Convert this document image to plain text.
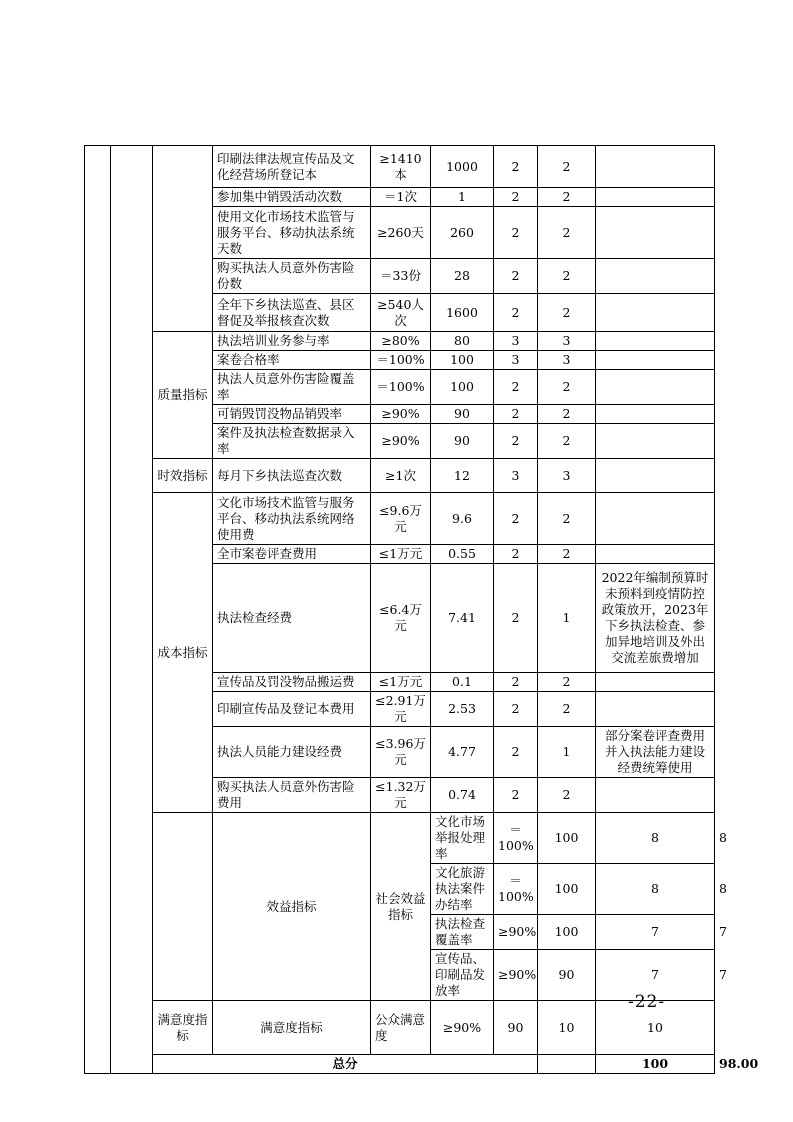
			印刷法律法规宣传品及文化经营场所登记本	≥1410本	1000	2	2		
			参加集中销毁活动次数	＝1次	1	2	2		
			使用文化市场技术监管与服务平台、移动执法系统天数	≥260天	260	2	2		
			购买执法人员意外伤害险份数	＝33份	28	2	2		
			全年下乡执法巡查、县区督促及举报核查次数	≥540人次	1600	2	2		
		质量指标	执法培训业务参与率	≥80%	80	3	3		
			案卷合格率	＝100%	100	3	3		
			执法人员意外伤害险覆盖率	＝100%	100	2	2		
			可销毁罚没物品销毁率	≥90%	90	2	2		
			案件及执法检查数据录入率	≥90%	90	2	2		
		时效指标	每月下乡执法巡查次数	≥1次	12	3	3		
		成本指标	文化市场技术监管与服务平台、移动执法系统网络使用费	≤9.6万元	9.6	2	2		
			全市案卷评查费用	≤1万元	0.55	2	2		
			执法检查经费	≤6.4万元	7.41	2	1	2022年编制预算时未预料到疫情防控政策放开，2023年下乡执法检查、参加异地培训及外出交流差旅费增加	
			宣传品及罚没物品搬运费	≤1万元	0.1	2	2		
			印刷宣传品及登记本费用	≤2.91万元	2.53	2	2		
			执法人员能力建设经费	≤3.96万元	4.77	2	1	部分案卷评查费用并入执法能力建设经费统筹使用	
			购买执法人员意外伤害险费用	≤1.32万元	0.74	2	2		
			效益指标	社会效益指标	文化市场举报处理率	＝100%	100	8	8	
					文化旅游执法案件办结率	＝100%	100	8	8	
					执法检查覆盖率	≥90%	100	7	7	
					宣传品、印刷品发放率	≥90%	90	7	7	
		满意度指标	满意度指标	公众满意度	≥90%	90	10	10	
		总分						100	98.00	
-22-
